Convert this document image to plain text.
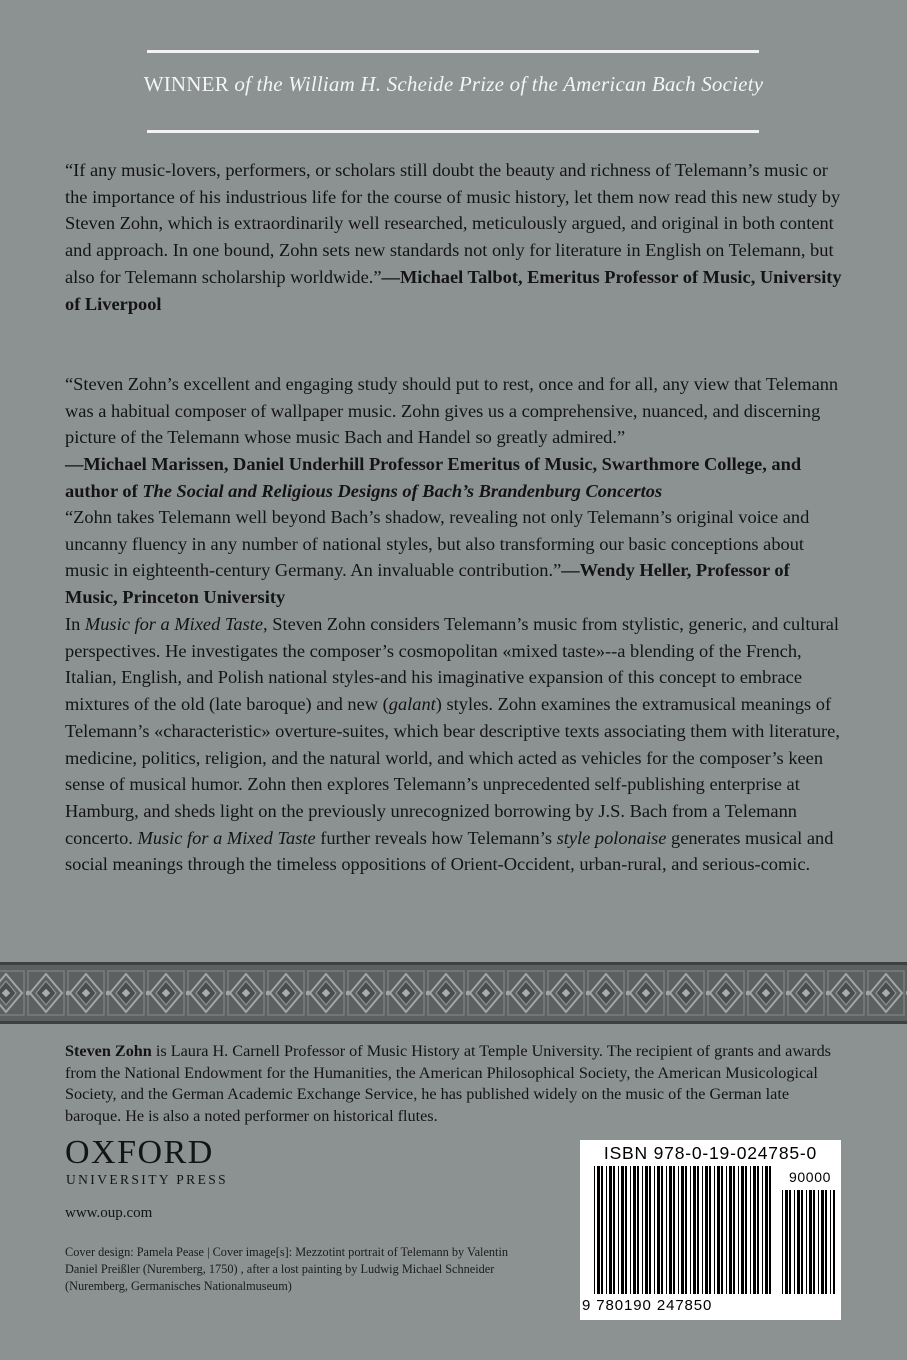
WINNER of the William H. Scheide Prize of the American Bach Society

“If any music-lovers, performers, or scholars still doubt the beauty and richness of Telemann’s music or the importance of his industrious life for the course of music history, let them now read this new study by Steven Zohn, which is extraordinarily well researched, meticulously argued, and original in both content and approach. In one bound, Zohn sets new standards not only for literature in English on Telemann, but also for Telemann scholarship worldwide.”—Michael Talbot, Emeritus Professor of Music, University of Liverpool

“Steven Zohn’s excellent and engaging study should put to rest, once and for all, any view that Telemann was a habitual composer of wallpaper music. Zohn gives us a comprehensive, nuanced, and discerning picture of the Telemann whose music Bach and Handel so greatly admired.”
—Michael Marissen, Daniel Underhill Professor Emeritus of Music, Swarthmore College, and author of The Social and Religious Designs of Bach’s Brandenburg Concertos

“Zohn takes Telemann well beyond Bach’s shadow, revealing not only Telemann’s original voice and uncanny fluency in any number of national styles, but also transforming our basic conceptions about music in eighteenth-century Germany. An invaluable contribution.”—Wendy Heller, Professor of Music, Princeton University

In Music for a Mixed Taste, Steven Zohn considers Telemann’s music from stylistic, generic, and cultural perspectives. He investigates the composer’s cosmopolitan «mixed taste»--a blending of the French, Italian, English, and Polish national styles-and his imaginative expansion of this concept to embrace mixtures of the old (late baroque) and new (galant) styles. Zohn examines the extramusical meanings of Telemann’s «characteristic» overture-suites, which bear descriptive texts associating them with literature, medicine, politics, religion, and the natural world, and which acted as vehicles for the composer’s keen sense of musical humor. Zohn then explores Telemann’s unprecedented self-publishing enterprise at Hamburg, and sheds light on the previously unrecognized borrowing by J.S. Bach from a Telemann concerto. Music for a Mixed Taste further reveals how Telemann’s style polonaise generates musical and social meanings through the timeless oppositions of Orient-Occident, urban-rural, and serious-comic.

Steven Zohn is Laura H. Carnell Professor of Music History at Temple University. The recipient of grants and awards from the National Endowment for the Humanities, the American Philosophical Society, the American Musicological Society, and the German Academic Exchange Service, he has published widely on the music of the German late baroque. He is also a noted performer on historical flutes.

OXFORD
UNIVERSITY PRESS
www.oup.com

Cover design: Pamela Pease | Cover image[s]: Mezzotint portrait of Telemann by Valentin Daniel Preißler (Nuremberg, 1750) , after a lost painting by Ludwig Michael Schneider (Nuremberg, Germanisches Nationalmuseum)

ISBN 978-0-19-024785-0
90000
9 780190 247850
